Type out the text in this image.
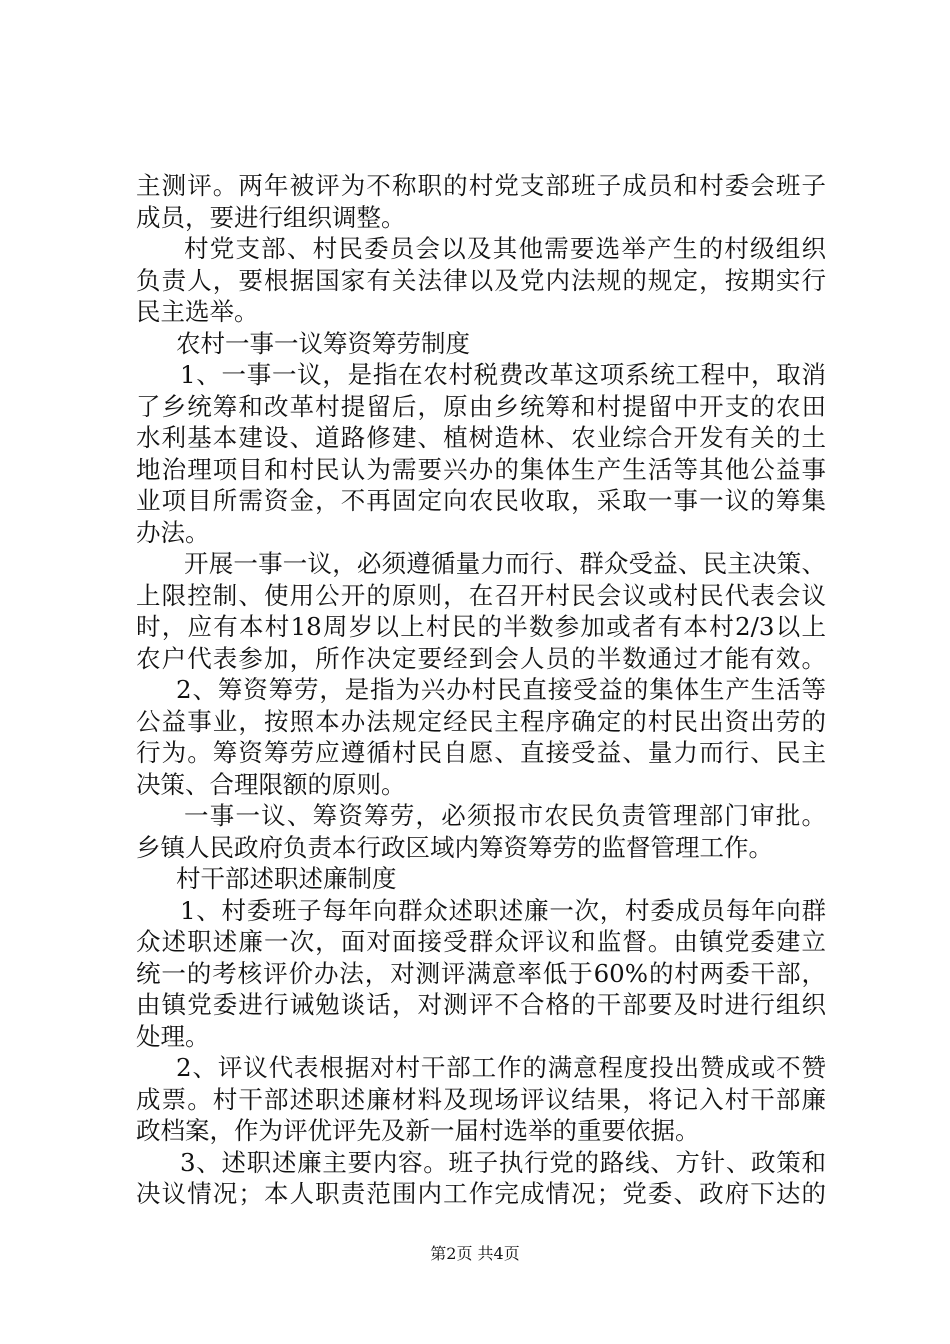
主测评。两年被评为不称职的村党支部班子成员和村委会班子
成员，要进行组织调整。
村党支部、村民委员会以及其他需要选举产生的村级组织
负责人，要根据国家有关法律以及党内法规的规定，按期实行
民主选举。
农村一事一议筹资筹劳制度
1、一事一议，是指在农村税费改革这项系统工程中，取消
了乡统筹和改革村提留后，原由乡统筹和村提留中开支的农田
水利基本建设、道路修建、植树造林、农业综合开发有关的土
地治理项目和村民认为需要兴办的集体生产生活等其他公益事
业项目所需资金，不再固定向农民收取，采取一事一议的筹集
办法。
开展一事一议，必须遵循量力而行、群众受益、民主决策、
上限控制、使用公开的原则，在召开村民会议或村民代表会议
时，应有本村18周岁以上村民的半数参加或者有本村2/3以上
农户代表参加，所作决定要经到会人员的半数通过才能有效。
2、筹资筹劳，是指为兴办村民直接受益的集体生产生活等
公益事业，按照本办法规定经民主程序确定的村民出资出劳的
行为。筹资筹劳应遵循村民自愿、直接受益、量力而行、民主
决策、合理限额的原则。
一事一议、筹资筹劳，必须报市农民负责管理部门审批。
乡镇人民政府负责本行政区域内筹资筹劳的监督管理工作。
村干部述职述廉制度
1、村委班子每年向群众述职述廉一次，村委成员每年向群
众述职述廉一次，面对面接受群众评议和监督。由镇党委建立
统一的考核评价办法，对测评满意率低于60%的村两委干部，
由镇党委进行诫勉谈话，对测评不合格的干部要及时进行组织
处理。
2、评议代表根据对村干部工作的满意程度投出赞成或不赞
成票。村干部述职述廉材料及现场评议结果，将记入村干部廉
政档案，作为评优评先及新一届村选举的重要依据。
3、述职述廉主要内容。班子执行党的路线、方针、政策和
决议情况；本人职责范围内工作完成情况；党委、政府下达的
第2页 共4页
